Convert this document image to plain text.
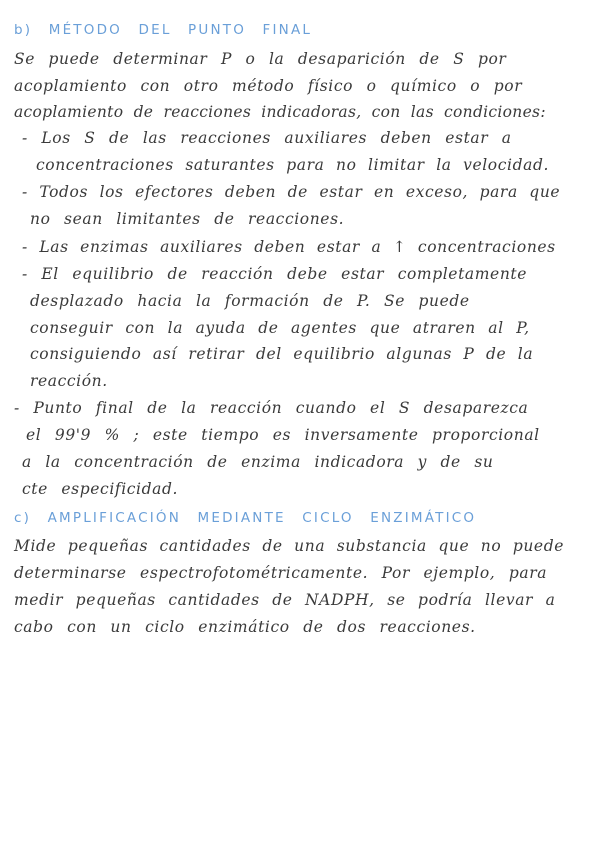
b) MÉTODO DEL PUNTO FINAL
Se puede determinar P o la desaparición de S por
acoplamiento con otro método físico o químico o por
acoplamiento de reacciones indicadoras, con las condiciones:
- Los S de las reacciones auxiliares deben estar a
concentraciones saturantes para no limitar la velocidad.
- Todos los efectores deben de estar en exceso, para que
no sean limitantes de reacciones.
- Las enzimas auxiliares deben estar a ↑ concentraciones
- El equilibrio de reacción debe estar completamente
desplazado hacia la formación de P. Se puede
conseguir con la ayuda de agentes que atraren al P,
consiguiendo así retirar del equilibrio algunas P de la
reacción.
- Punto final de la reacción cuando el S desaparezca
el 99'9 % ; este tiempo es inversamente proporcional
a la concentración de enzima indicadora y de su
cte especificidad.
c) AMPLIFICACIÓN MEDIANTE CICLO ENZIMÁTICO
Mide pequeñas cantidades de una substancia que no puede
determinarse espectrofotométricamente. Por ejemplo, para
medir pequeñas cantidades de NADPH, se podría llevar a
cabo con un ciclo enzimático de dos reacciones.
